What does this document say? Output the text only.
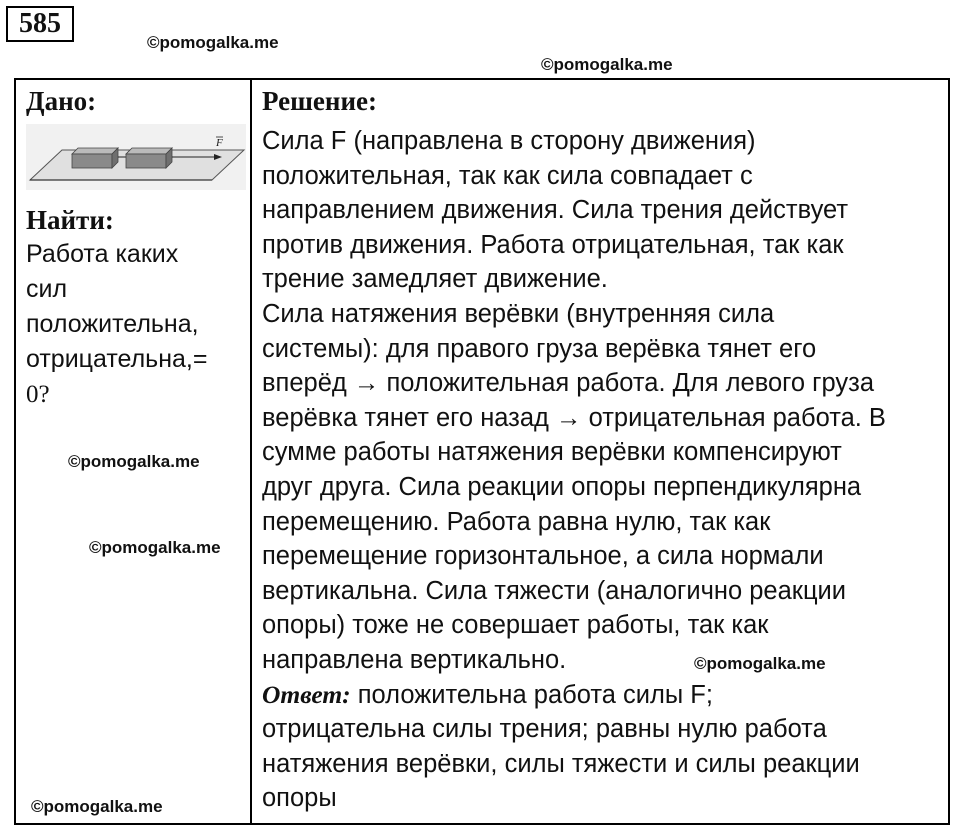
585
©pomogalka.me
©pomogalka.me
©pomogalka.me
©pomogalka.me
©pomogalka.me
©pomogalka.me
Дано:
F
Найти:

Работа каких

сил

положительна,

отрицательна,=

0?

Решение:

Сила F (направлена в сторону движения)

положительная, так как сила совпадает с

направлением движения. Сила трения действует

против движения. Работа отрицательная, так как

трение замедляет движение.

Сила натяжения верёвки (внутренняя сила

системы): для правого груза верёвка тянет его

вперёд → положительная работа. Для левого груза

верёвка тянет его назад → отрицательная работа. В

сумме работы натяжения верёвки компенсируют

друг друга. Сила реакции опоры перпендикулярна

перемещению. Работа равна нулю, так как

перемещение горизонтальное, а сила нормали

вертикальна. Сила тяжести (аналогично реакции

опоры) тоже не совершает работы, так как

направлена вертикально.

Ответ: положительна работа силы F;

отрицательна силы трения; равны нулю работа

натяжения верёвки, силы тяжести и силы реакции

опоры
